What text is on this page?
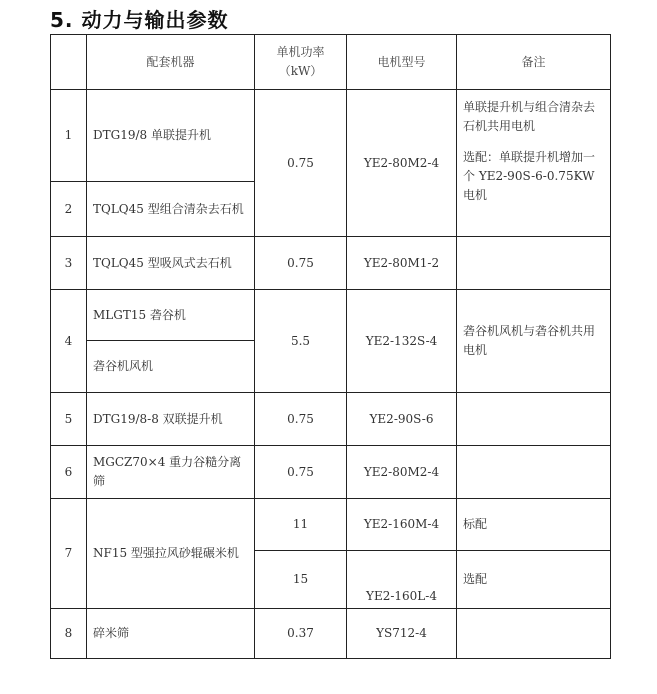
5. 动力与输出参数
	配套机器	单机功率（kW）	电机型号	备注
1	DTG19/8 单联提升机	0.75	YE2-80M2-4	单联提升机与组合清杂去石机共用电机
选配：单联提升机增加一个 YE2-90S-6-0.75KW 电机

2	TQLQ45 型组合清杂去石机			
3	TQLQ45 型吸风式去石机	0.75	YE2-80M1-2	
4	MLGT15 砻谷机	5.5	YE2-132S-4	砻谷机风机与砻谷机共用电机
	砻谷机风机			
5	DTG19/8-8 双联提升机	0.75	YE2-90S-6	
6	MGCZ70×4 重力谷糙分离筛	0.75	YE2-80M2-4	
7	NF15 型强拉风砂辊碾米机	11	YE2-160M-4	标配
		15	YE2-160L-4	选配
8	碎米筛	0.37	YS712-4	
